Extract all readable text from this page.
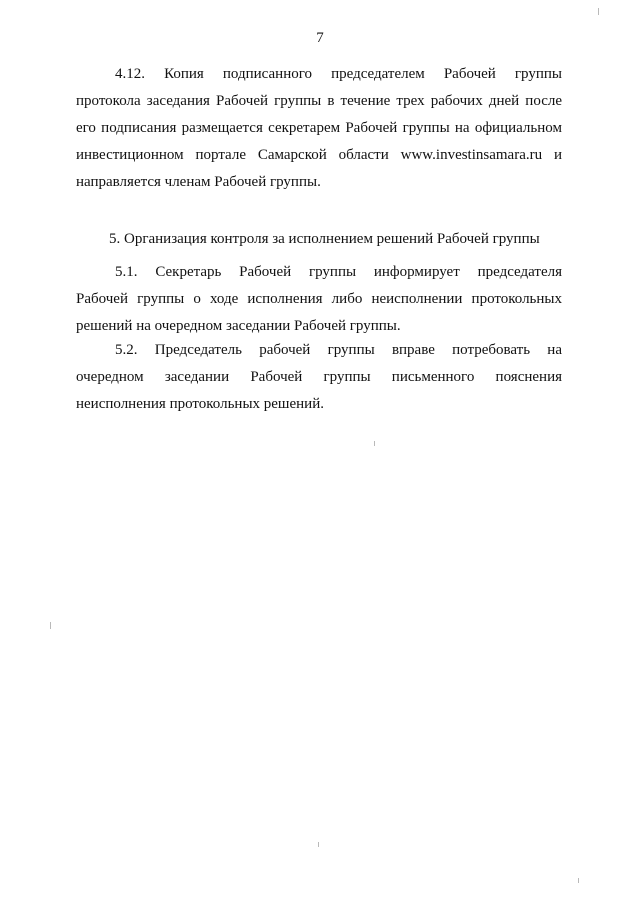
7
4.12. Копия подписанного председателем Рабочей группы
протокола заседания Рабочей группы в течение трех рабочих дней после
его подписания размещается секретарем Рабочей группы на официальном
инвестиционном портале Самарской области www.investinsamara.ru и
направляется членам Рабочей группы.
5. Организация контроля за исполнением решений Рабочей группы
5.1. Секретарь Рабочей группы информирует председателя
Рабочей группы о ходе исполнения либо неисполнении протокольных
решений на очередном заседании Рабочей группы.
5.2. Председатель рабочей группы вправе потребовать на
очередном заседании Рабочей группы письменного пояснения
неисполнения протокольных решений.
